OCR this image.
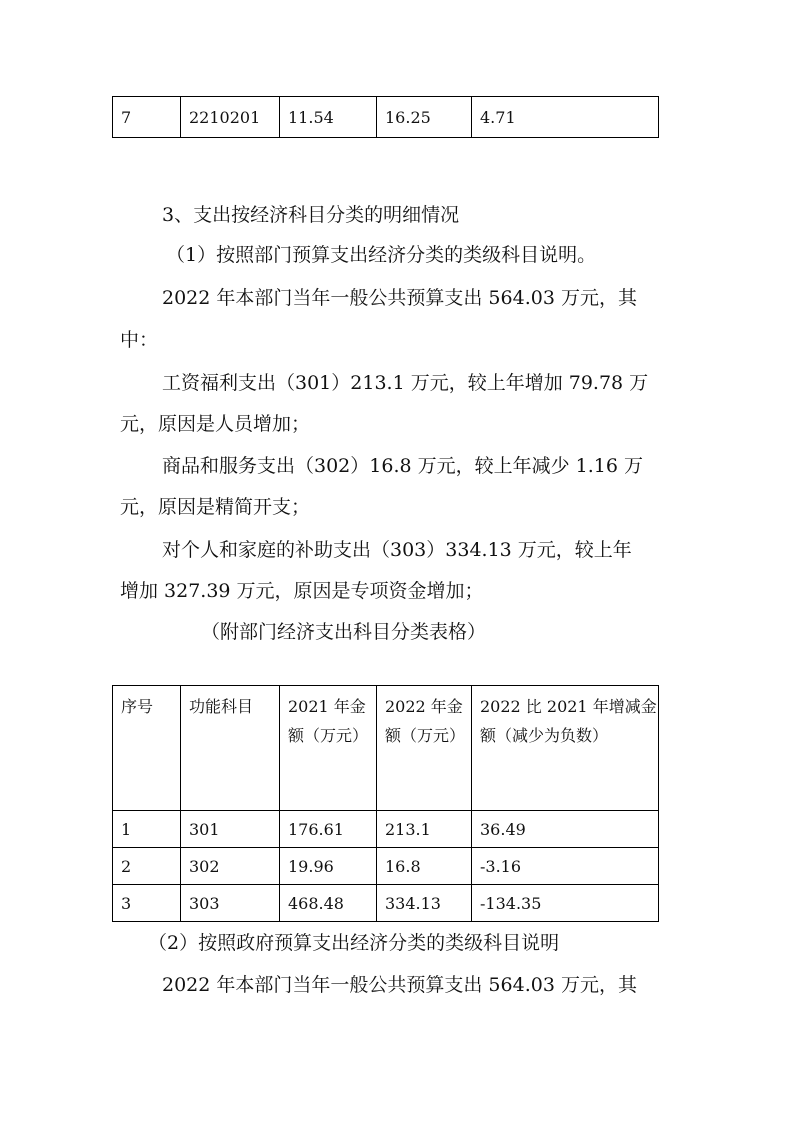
7	2210201	11.54	16.25	4.71
3、支出按经济科目分类的明细情况
（1）按照部门预算支出经济分类的类级科目说明。
2022 年本部门当年一般公共预算支出 564.03 万元，其
中：
工资福利支出（301）213.1 万元，较上年增加 79.78 万
元，原因是人员增加；
商品和服务支出（302）16.8 万元，较上年减少 1.16 万
元，原因是精简开支；
对个人和家庭的补助支出（303）334.13 万元，较上年
增加 327.39 万元，原因是专项资金增加；
（附部门经济支出科目分类表格）
序号	功能科目	2021 年金额（万元）	2022 年金额（万元）	2022 比 2021 年增减金额（减少为负数）
1	301	176.61	213.1	36.49
2	302	19.96	16.8	-3.16
3	303	468.48	334.13	-134.35
（2）按照政府预算支出经济分类的类级科目说明
2022 年本部门当年一般公共预算支出 564.03 万元，其
